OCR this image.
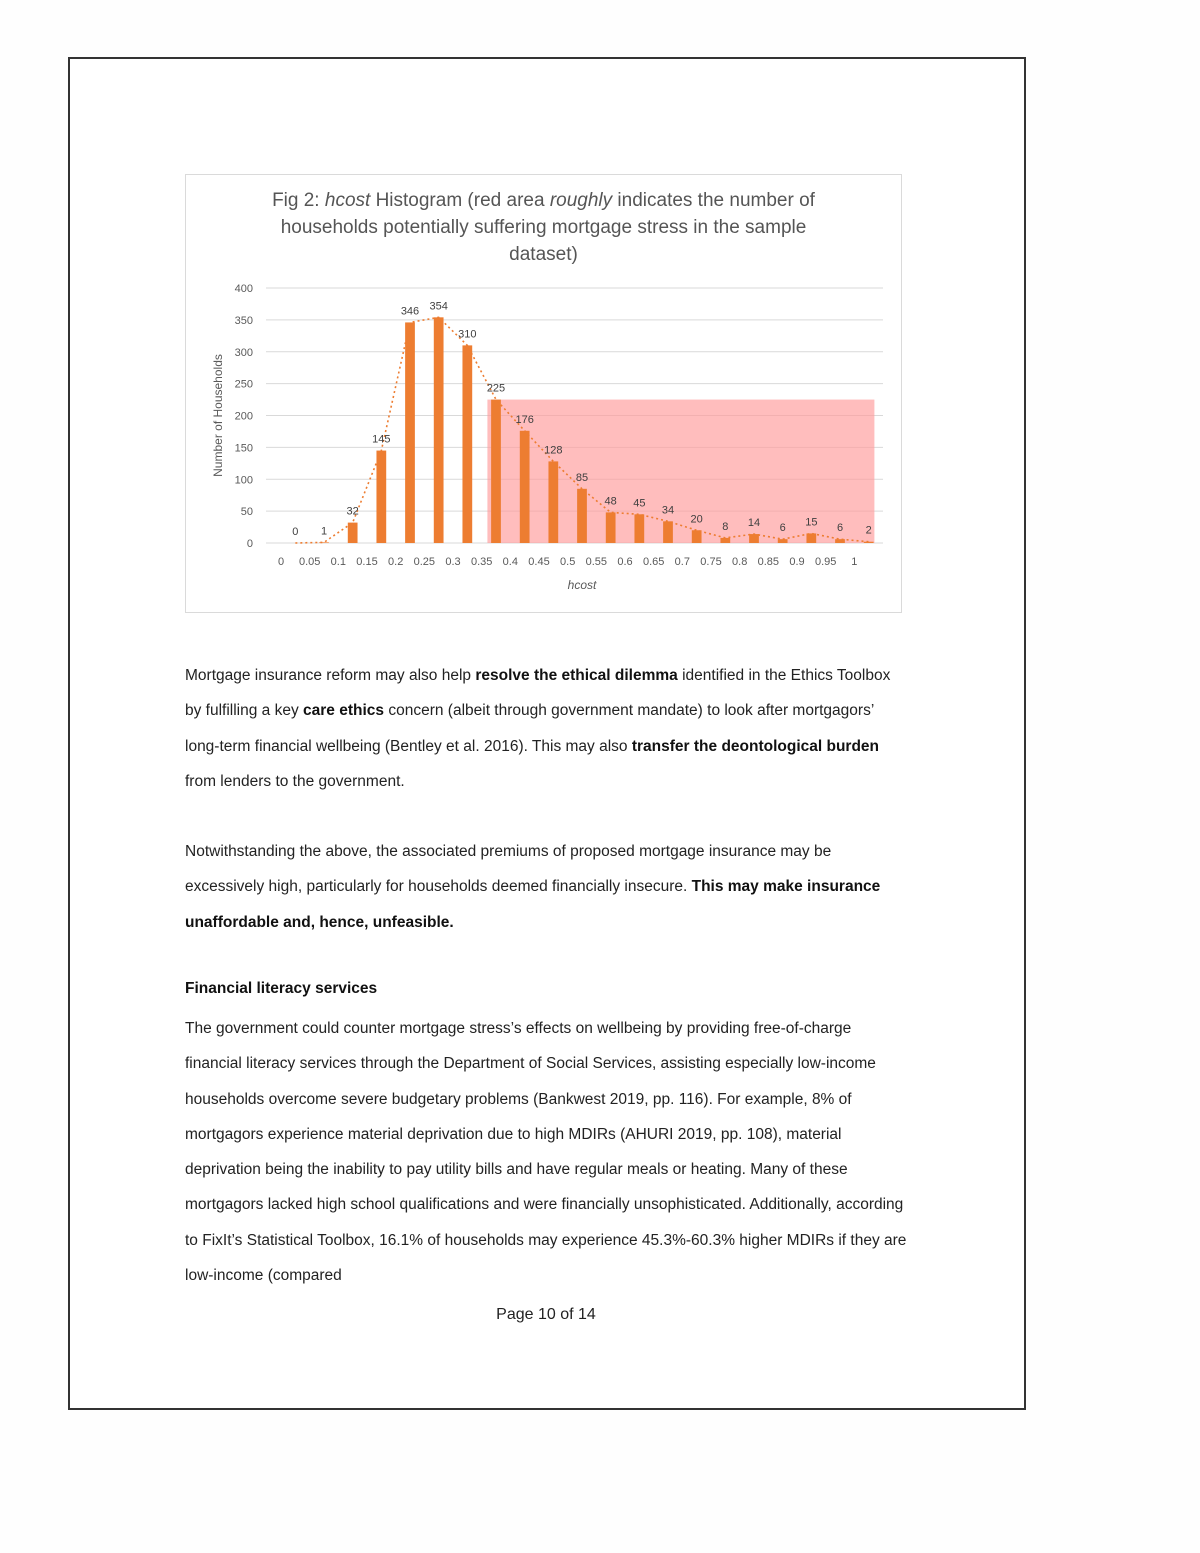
Fig 2: hcost Histogram (red area roughly indicates the number of households potentially suffering mortgage stress in the sample dataset)
0
50
100
150
200
250
300
350
400
0 1
32
145
346 354
310
225
176
128
85
48 45
34
20
8 14 6 15 6 2
0 0.05 0.1 0.15 0.2 0.25 0.3 0.35 0.4 0.45 0.5 0.55 0.6 0.65 0.7 0.75 0.8 0.85 0.9 0.95 1
hcost
Number of Households

Mortgage insurance reform may also help resolve the ethical dilemma identified in the Ethics Toolbox by fulfilling a key care ethics concern (albeit through government mandate) to look after mortgagors’ long-term financial wellbeing (Bentley et al. 2016). This may also transfer the deontological burden from lenders to the government.

Notwithstanding the above, the associated premiums of proposed mortgage insurance may be excessively high, particularly for households deemed financially insecure. This may make insurance unaffordable and, hence, unfeasible.

Financial literacy services

The government could counter mortgage stress’s effects on wellbeing by providing free-of-charge financial literacy services through the Department of Social Services, assisting especially low-income households overcome severe budgetary problems (Bankwest 2019, pp. 116). For example, 8% of mortgagors experience material deprivation due to high MDIRs (AHURI 2019, pp. 108), material deprivation being the inability to pay utility bills and have regular meals or heating. Many of these mortgagors lacked high school qualifications and were financially unsophisticated. Additionally, according to FixIt’s Statistical Toolbox, 16.1% of households may experience 45.3%-60.3% higher MDIRs if they are low-income (compared

Page 10 of 14
